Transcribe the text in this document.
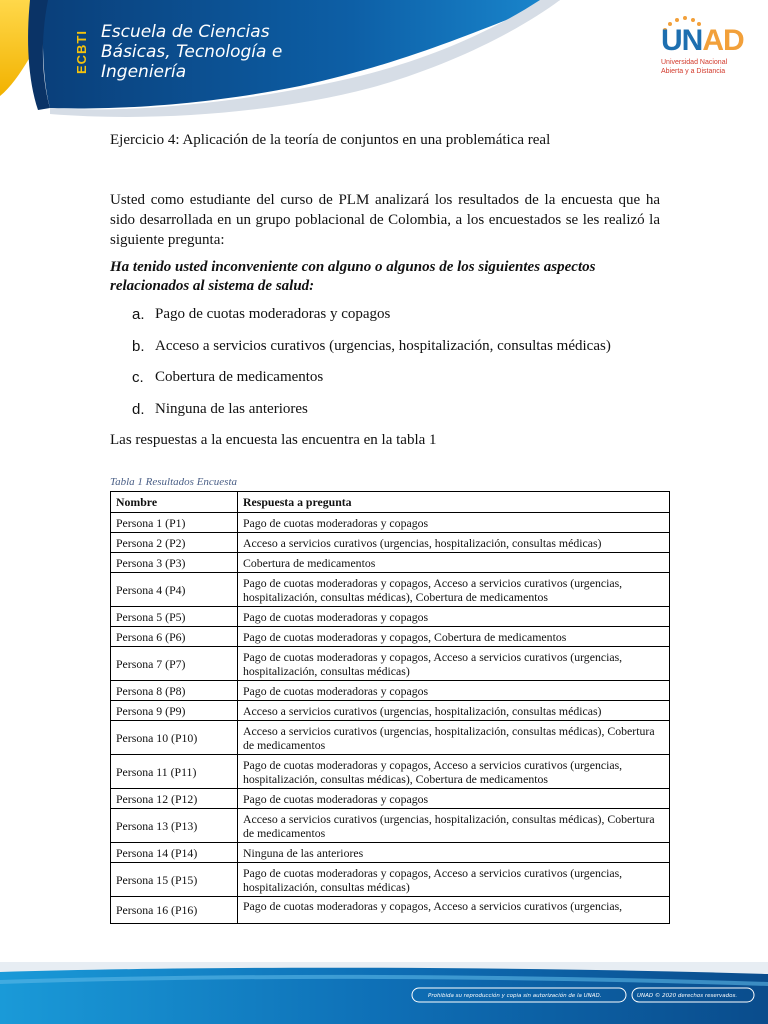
ECBTI Escuela de Ciencias
Básicas, Tecnología e
Ingeniería
UNAD
Universidad Nacional
Abierta y a Distancia

Ejercicio 4: Aplicación de la teoría de conjuntos en una problemática real

Usted como estudiante del curso de PLM analizará los resultados de la encuesta que ha sido desarrollada en un grupo poblacional de Colombia, a los encuestados se les realizó la siguiente pregunta:

Ha tenido usted inconveniente con alguno o algunos de los siguientes aspectos relacionados al sistema de salud:

a. Pago de cuotas moderadoras y copagos
b. Acceso a servicios curativos (urgencias, hospitalización, consultas médicas)
c. Cobertura de medicamentos
d. Ninguna de las anteriores

Las respuestas a la encuesta las encuentra en la tabla 1

Tabla 1 Resultados Encuesta
Nombre	Respuesta a pregunta
Persona 1 (P1)	Pago de cuotas moderadoras y copagos
Persona 2 (P2)	Acceso a servicios curativos (urgencias, hospitalización, consultas médicas)
Persona 3 (P3)	Cobertura de medicamentos
Persona 4 (P4)	Pago de cuotas moderadoras y copagos, Acceso a servicios curativos (urgencias, hospitalización, consultas médicas), Cobertura de medicamentos
Persona 5 (P5)	Pago de cuotas moderadoras y copagos
Persona 6 (P6)	Pago de cuotas moderadoras y copagos, Cobertura de medicamentos
Persona 7 (P7)	Pago de cuotas moderadoras y copagos, Acceso a servicios curativos (urgencias, hospitalización, consultas médicas)
Persona 8 (P8)	Pago de cuotas moderadoras y copagos
Persona 9 (P9)	Acceso a servicios curativos (urgencias, hospitalización, consultas médicas)
Persona 10 (P10)	Acceso a servicios curativos (urgencias, hospitalización, consultas médicas), Cobertura de medicamentos
Persona 11 (P11)	Pago de cuotas moderadoras y copagos, Acceso a servicios curativos (urgencias, hospitalización, consultas médicas), Cobertura de medicamentos
Persona 12 (P12)	Pago de cuotas moderadoras y copagos
Persona 13 (P13)	Acceso a servicios curativos (urgencias, hospitalización, consultas médicas), Cobertura de medicamentos
Persona 14 (P14)	Ninguna de las anteriores
Persona 15 (P15)	Pago de cuotas moderadoras y copagos, Acceso a servicios curativos (urgencias, hospitalización, consultas médicas)
Persona 16 (P16)	Pago de cuotas moderadoras y copagos, Acceso a servicios curativos (urgencias,
Prohibida su reproducción y copia sin autorización de la UNAD.	UNAD © 2020 derechos reservados.
